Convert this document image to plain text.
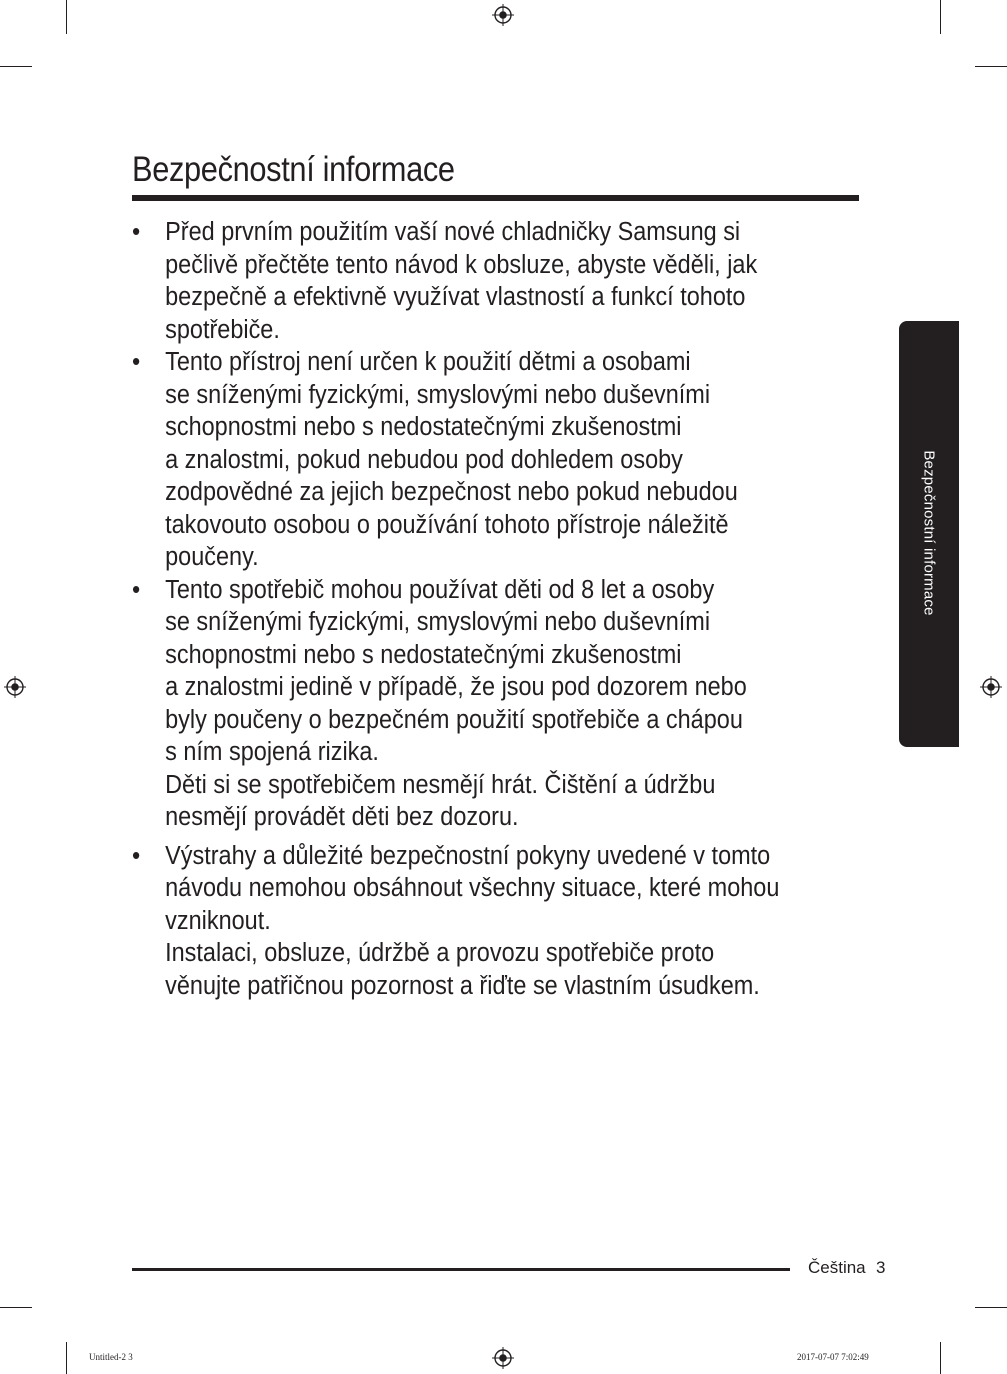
Bezpečnostní informace
• Před prvním použitím vaší nové chladničky Samsung si
pečlivě přečtěte tento návod k obsluze, abyste věděli, jak
bezpečně a efektivně využívat vlastností a funkcí tohoto
spotřebiče.
• Tento přístroj není určen k použití dětmi a osobami
se sníženými fyzickými, smyslovými nebo duševními
schopnostmi nebo s nedostatečnými zkušenostmi
a znalostmi, pokud nebudou pod dohledem osoby
zodpovědné za jejich bezpečnost nebo pokud nebudou
takovouto osobou o používání tohoto přístroje náležitě
poučeny.
• Tento spotřebič mohou používat děti od 8 let a osoby
se sníženými fyzickými, smyslovými nebo duševními
schopnostmi nebo s nedostatečnými zkušenostmi
a znalostmi jedině v případě, že jsou pod dozorem nebo
byly poučeny o bezpečném použití spotřebiče a chápou
s ním spojená rizika.
Děti si se spotřebičem nesmějí hrát. Čištění a údržbu
nesmějí provádět děti bez dozoru.
• Výstrahy a důležité bezpečnostní pokyny uvedené v tomto
návodu nemohou obsáhnout všechny situace, které mohou
vzniknout.
Instalaci, obsluze, údržbě a provozu spotřebiče proto
věnujte patřičnou pozornost a řiďte se vlastním úsudkem.
Bezpečnostní informace
Čeština 3
Untitled-2 3	2017-07-07 7:02:49
